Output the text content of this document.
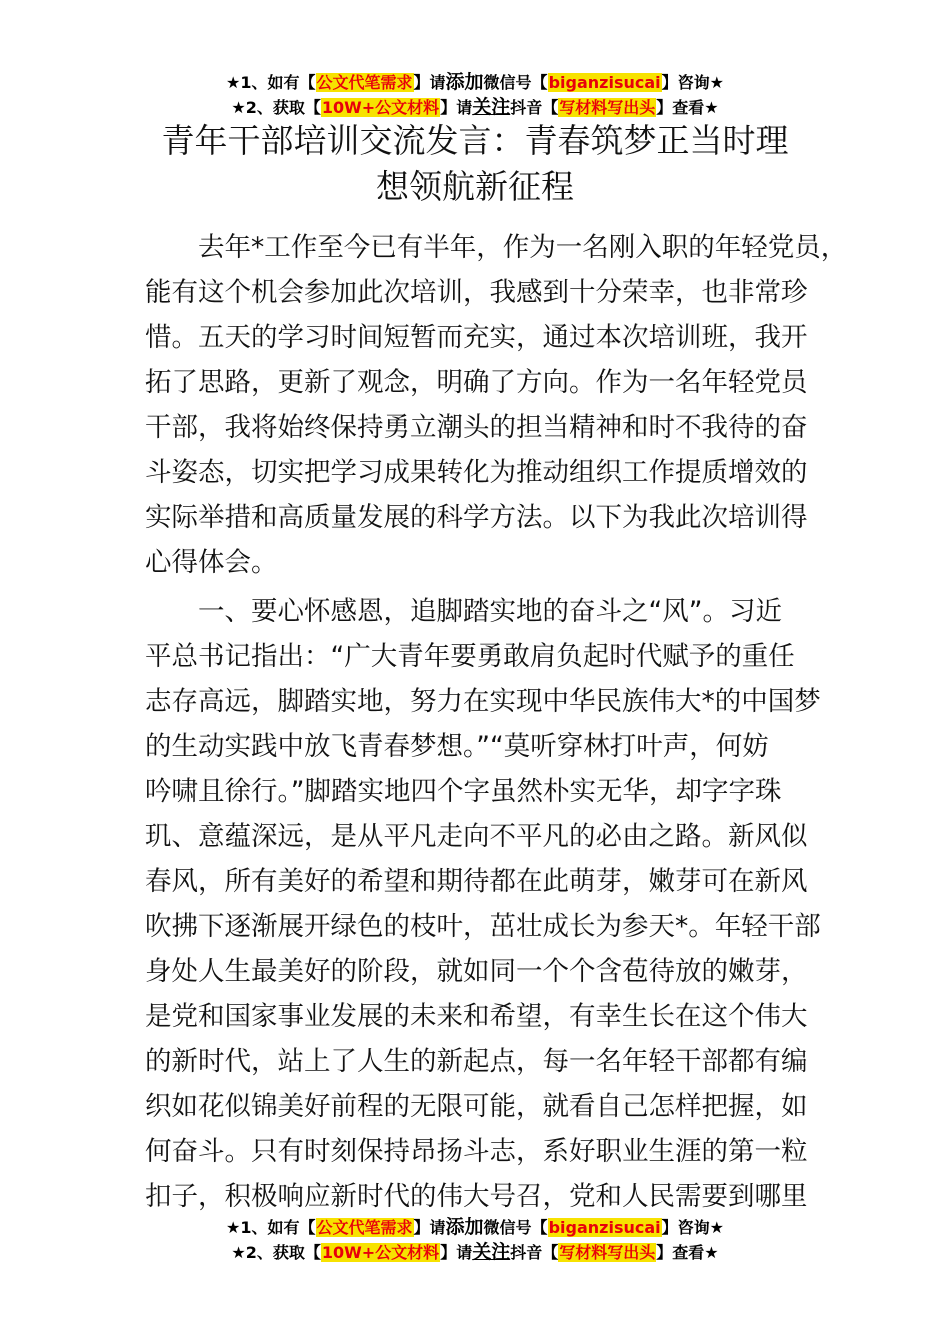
★1、如有【公文代笔需求】请添加微信号【biganzisucai】咨询★
★2、获取【10W+公文材料】请关注抖音【写材料写出头】查看★
青年干部培训交流发言：青春筑梦正当时理
想领航新征程

去年*工作至今已有半年，作为一名刚入职的年轻党员，
能有这个机会参加此次培训，我感到十分荣幸，也非常珍
惜。五天的学习时间短暂而充实，通过本次培训班，我开
拓了思路，更新了观念，明确了方向。作为一名年轻党员
干部，我将始终保持勇立潮头的担当精神和时不我待的奋
斗姿态，切实把学习成果转化为推动组织工作提质增效的
实际举措和高质量发展的科学方法。以下为我此次培训得
心得体会。

一、要心怀感恩，追脚踏实地的奋斗之“风”。习近
平总书记指出：“广大青年要勇敢肩负起时代赋予的重任
志存高远，脚踏实地，努力在实现中华民族伟大*的中国梦
的生动实践中放飞青春梦想。”“莫听穿林打叶声，何妨
吟啸且徐行。”脚踏实地四个字虽然朴实无华，却字字珠
玑、意蕴深远，是从平凡走向不平凡的必由之路。新风似
春风，所有美好的希望和期待都在此萌芽，嫩芽可在新风
吹拂下逐渐展开绿色的枝叶，茁壮成长为参天*。年轻干部
身处人生最美好的阶段，就如同一个个含苞待放的嫩芽，
是党和国家事业发展的未来和希望，有幸生长在这个伟大
的新时代，站上了人生的新起点，每一名年轻干部都有编
织如花似锦美好前程的无限可能，就看自己怎样把握，如
何奋斗。只有时刻保持昂扬斗志，系好职业生涯的第一粒
扣子，积极响应新时代的伟大号召，党和人民需要到哪里

★1、如有【公文代笔需求】请添加微信号【biganzisucai】咨询★
★2、获取【10W+公文材料】请关注抖音【写材料写出头】查看★
